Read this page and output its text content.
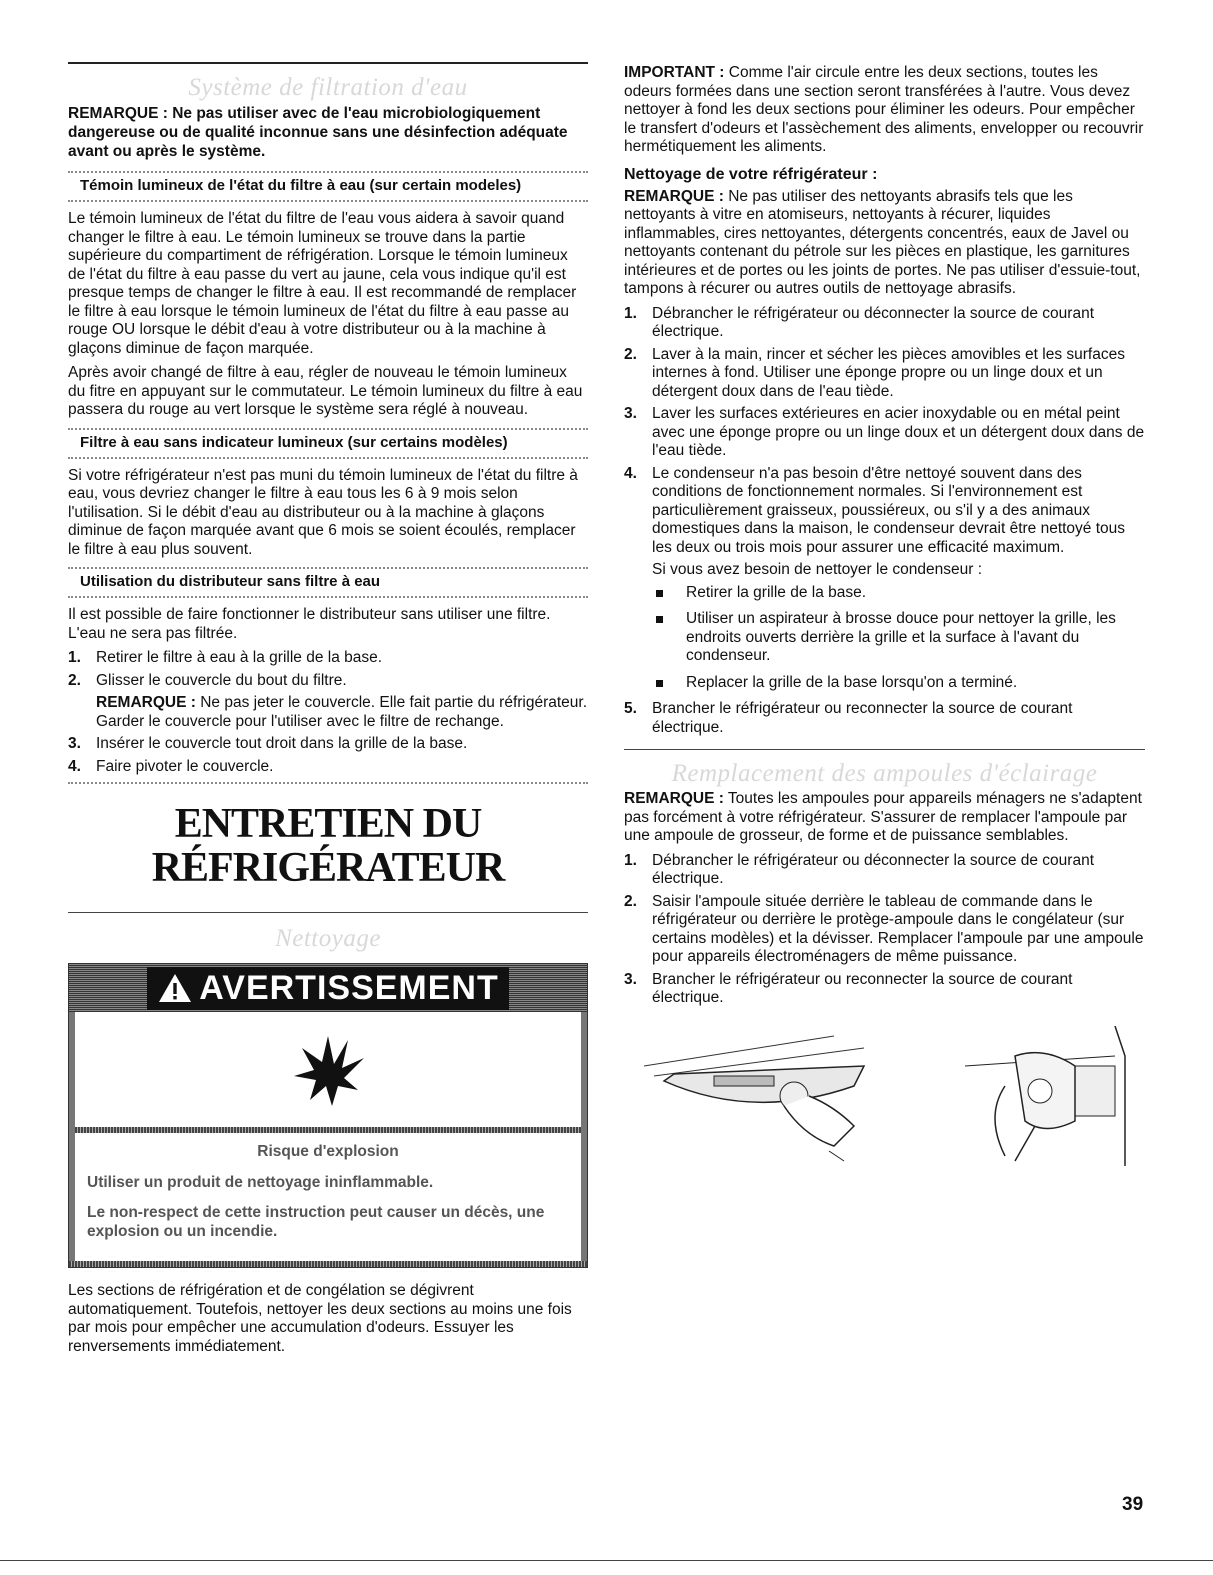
Système de filtration d'eau
REMARQUE : Ne pas utiliser avec de l'eau microbiologiquement dangereuse ou de qualité inconnue sans une désinfection adéquate avant ou après le système.
Témoin lumineux de l'état du filtre à eau (sur certain modeles)

Le témoin lumineux de l'état du filtre de l'eau vous aidera à savoir quand changer le filtre à eau. Le témoin lumineux se trouve dans la partie supérieure du compartiment de réfrigération. Lorsque le témoin lumineux de l'état du filtre à eau passe du vert au jaune, cela vous indique qu'il est presque temps de changer le filtre à eau. Il est recommandé de remplacer le filtre à eau lorsque le témoin lumineux de l'état du filtre à eau passe au rouge OU lorsque le débit d'eau à votre distributeur ou à la machine à glaçons diminue de façon marquée.

Après avoir changé de filtre à eau, régler de nouveau le témoin lumineux du fitre en appuyant sur le commutateur. Le témoin lumineux du filtre à eau passera du rouge au vert lorsque le système sera réglé à nouveau.

Filtre à eau sans indicateur lumineux (sur certains modèles)

Si votre réfrigérateur n'est pas muni du témoin lumineux de l'état du filtre à eau, vous devriez changer le filtre à eau tous les 6 à 9 mois selon l'utilisation. Si le débit d'eau au distributeur ou à la machine à glaçons diminue de façon marquée avant que 6 mois se soient écoulés, remplacer le filtre à eau plus souvent.

Utilisation du distributeur sans filtre à eau

Il est possible de faire fonctionner le distributeur sans utiliser une filtre. L'eau ne sera pas filtrée.

1. Retirer le filtre à eau à la grille de la base.
2. Glisser le couvercle du bout du filtre.

REMARQUE : Ne pas jeter le couvercle. Elle fait partie du réfrigérateur. Garder le couvercle pour l'utiliser avec le filtre de rechange.

3. Insérer le couvercle tout droit dans la grille de la base.
4. Faire pivoter le couvercle.
ENTRETIEN DU
RÉFRIGÉRATEUR
Nettoyage
AVERTISSEMENT

Risque d'explosion

Utiliser un produit de nettoyage ininflammable.

Le non-respect de cette instruction peut causer un décès, une explosion ou un incendie.

Les sections de réfrigération et de congélation se dégivrent automatiquement. Toutefois, nettoyer les deux sections au moins une fois par mois pour empêcher une accumulation d'odeurs. Essuyer les renversements immédiatement.

IMPORTANT : Comme l'air circule entre les deux sections, toutes les odeurs formées dans une section seront transférées à l'autre. Vous devez nettoyer à fond les deux sections pour éliminer les odeurs. Pour empêcher le transfert d'odeurs et l'assèchement des aliments, envelopper ou recouvrir hermétiquement les aliments.

Nettoyage de votre réfrigérateur :

REMARQUE : Ne pas utiliser des nettoyants abrasifs tels que les nettoyants à vitre en atomiseurs, nettoyants à récurer, liquides inflammables, cires nettoyantes, détergents concentrés, eaux de Javel ou nettoyants contenant du pétrole sur les pièces en plastique, les garnitures intérieures et de portes ou les joints de portes. Ne pas utiliser d'essuie-tout, tampons à récurer ou autres outils de nettoyage abrasifs.

1. Débrancher le réfrigérateur ou déconnecter la source de courant électrique.
2. Laver à la main, rincer et sécher les pièces amovibles et les surfaces internes à fond. Utiliser une éponge propre ou un linge doux et un détergent doux dans de l'eau tiède.
3. Laver les surfaces extérieures en acier inoxydable ou en métal peint avec une éponge propre ou un linge doux et un détergent doux dans de l'eau tiède.
4. Le condenseur n'a pas besoin d'être nettoyé souvent dans des conditions de fonctionnement normales. Si l'environnement est particulièrement graisseux, poussiéreux, ou s'il y a des animaux domestiques dans la maison, le condenseur devrait être nettoyé tous les deux ou trois mois pour assurer une efficacité maximum.

Si vous avez besoin de nettoyer le condenseur :

Retirer la grille de la base.
Utiliser un aspirateur à brosse douce pour nettoyer la grille, les endroits ouverts derrière la grille et la surface à l'avant du condenseur.
Replacer la grille de la base lorsqu'on a terminé.
5. Brancher le réfrigérateur ou reconnecter la source de courant électrique.
Remplacement des ampoules d'éclairage

REMARQUE : Toutes les ampoules pour appareils ménagers ne s'adaptent pas forcément à votre réfrigérateur. S'assurer de remplacer l'ampoule par une ampoule de grosseur, de forme et de puissance semblables.

1. Débrancher le réfrigérateur ou déconnecter la source de courant électrique.
2. Saisir l'ampoule située derrière le tableau de commande dans le réfrigérateur ou derrière le protège-ampoule dans le congélateur (sur certains modèles) et la dévisser. Remplacer l'ampoule par une ampoule pour appareils électroménagers de même puissance.
3. Brancher le réfrigérateur ou reconnecter la source de courant électrique.
39
